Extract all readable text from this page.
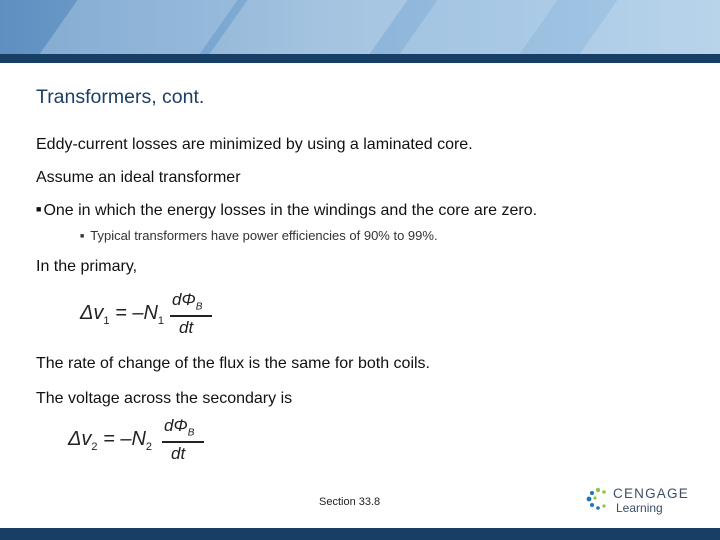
Transformers, cont.
Eddy-current losses are minimized by using a laminated core.
Assume an ideal transformer
■ One in which the energy losses in the windings and the core are zero.
■ Typical transformers have power efficiencies of 90% to 99%.
In the primary,
$\Delta v_1 = -N_1$
$d\Phi_B$
dt
The rate of change of the flux is the same for both coils.
The voltage across the secondary is
$\Delta v_2 = -N_2$
$d\Phi_B$
dt
Section 33.8
CENGAGE
Learning
